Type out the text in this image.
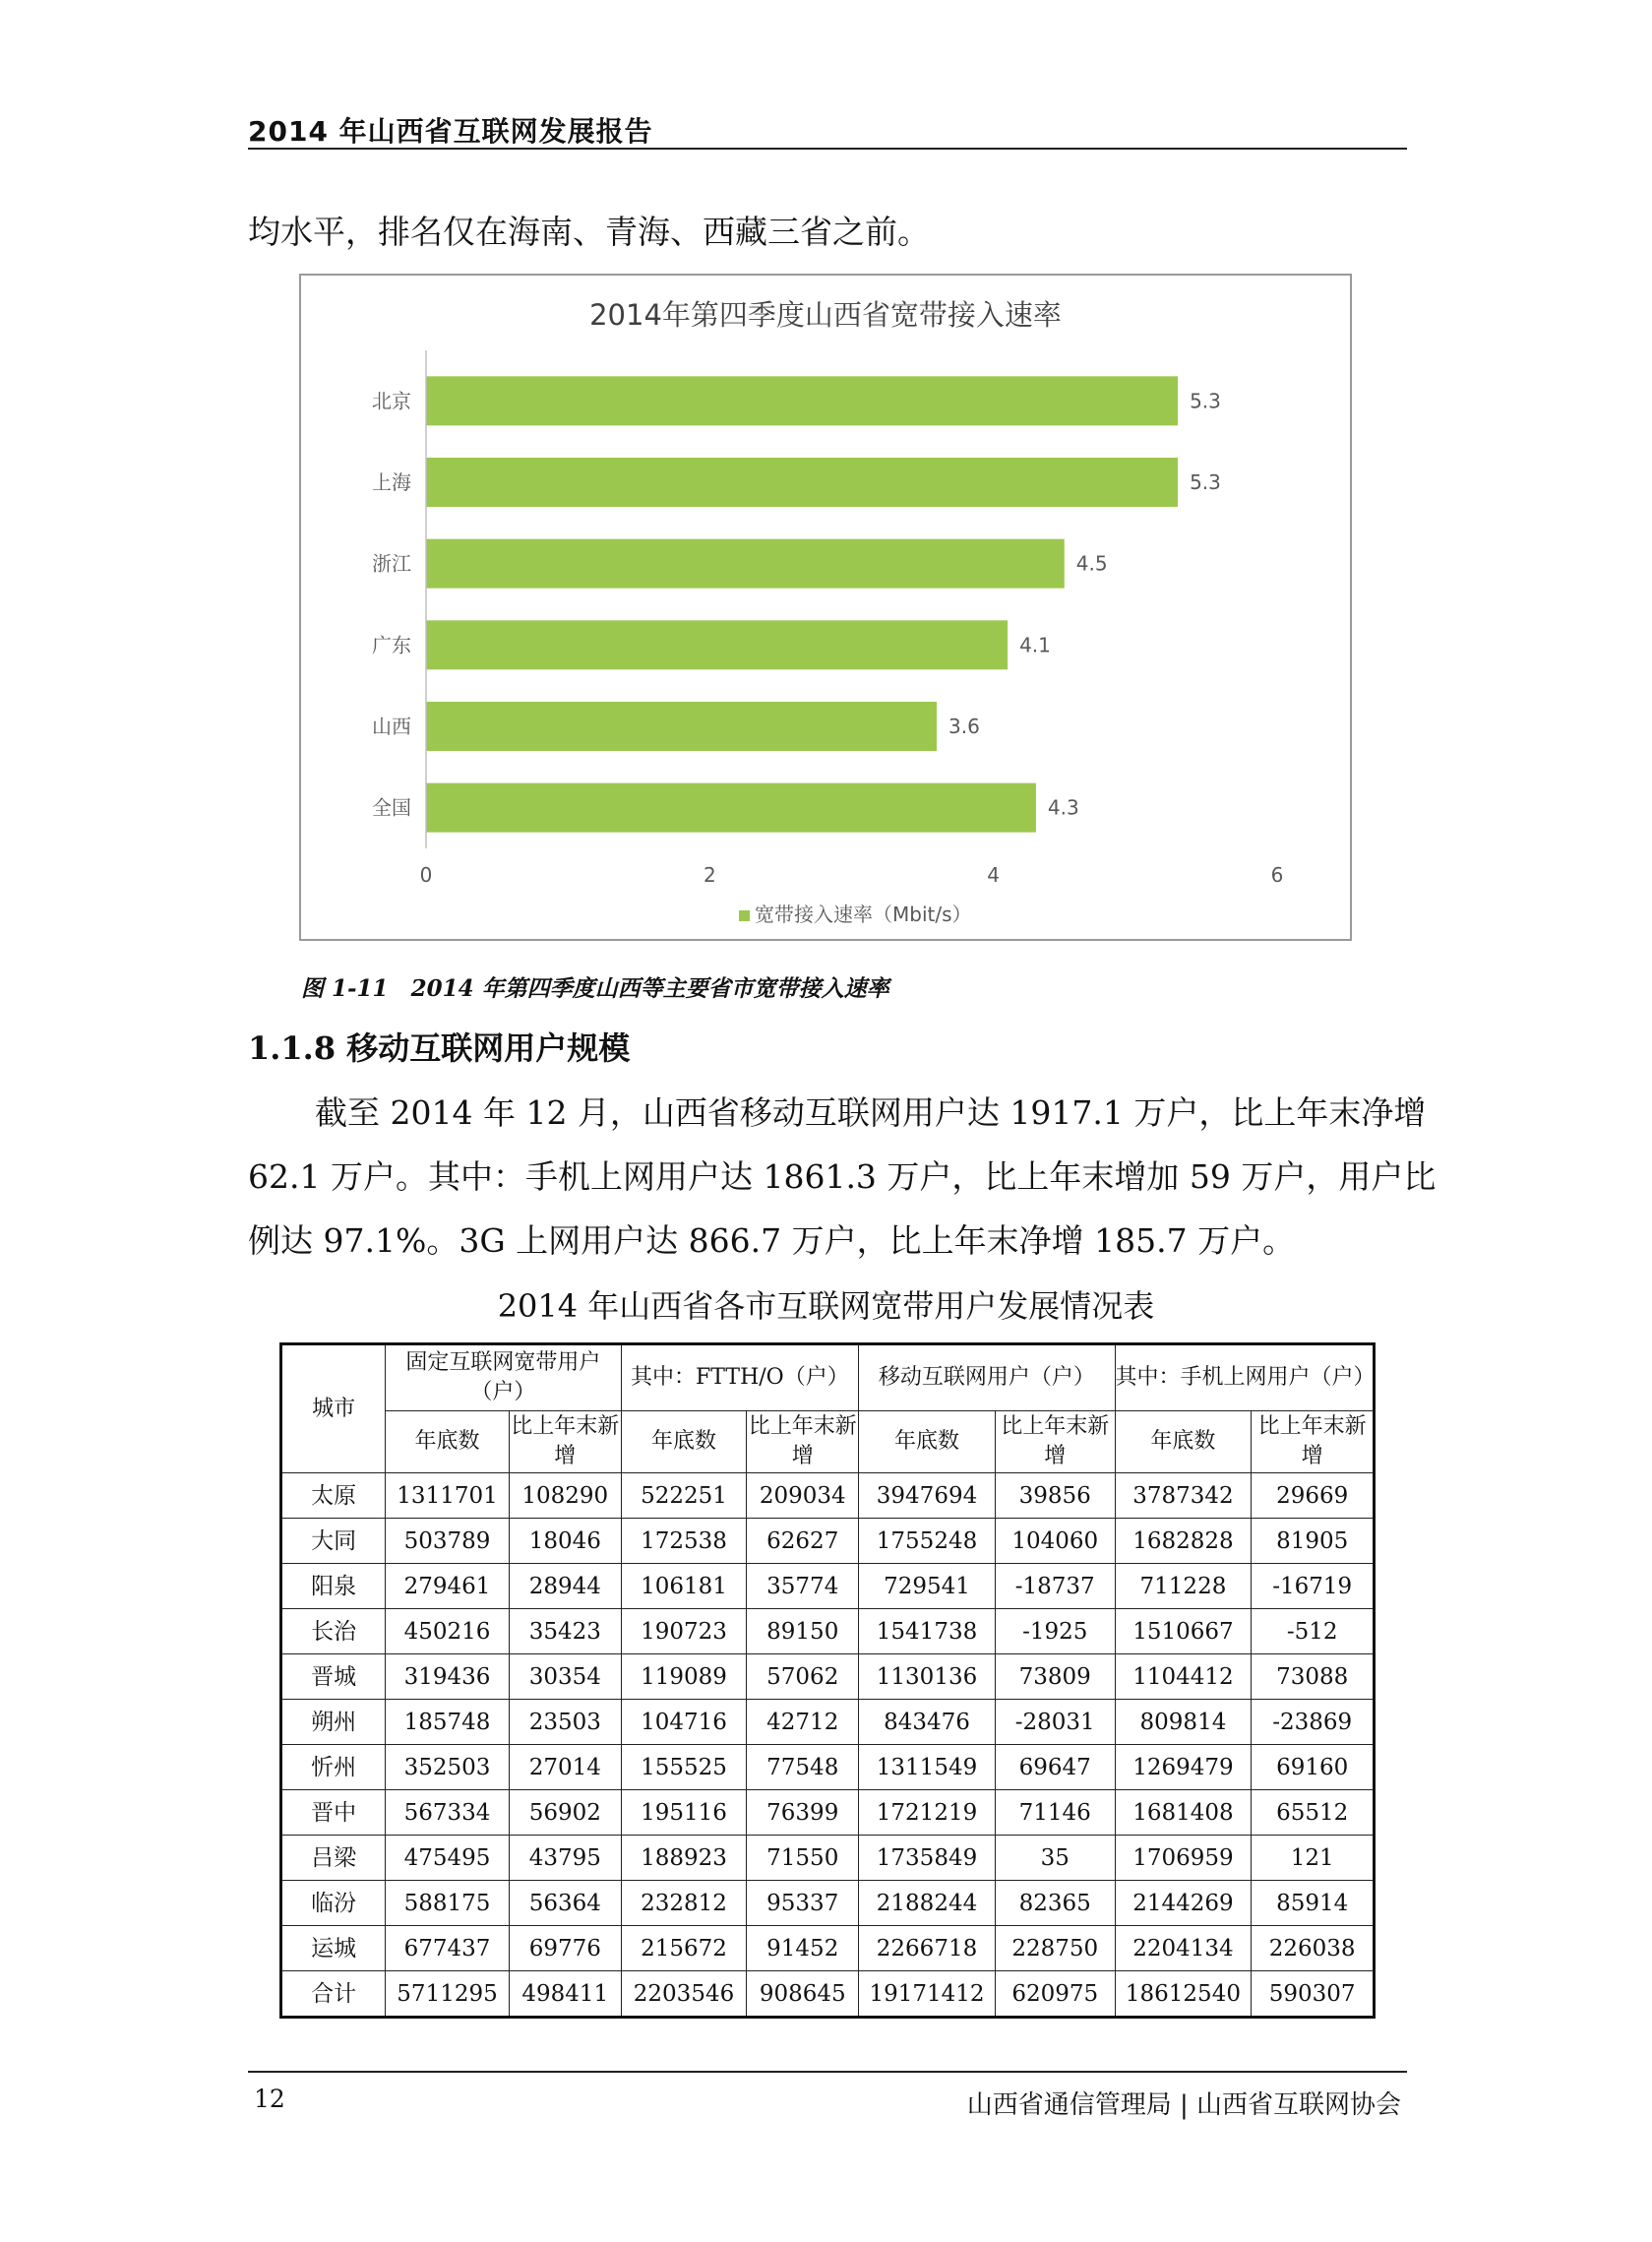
2014 年山西省互联网发展报告
均水平，排名仅在海南、青海、西藏三省之前。
2014年第四季度山西省宽带接入速率
北京	5.3
上海	5.3
浙江	4.5
广东	4.1
山西	3.6
全国	4.3
0	2	4	6
宽带接入速率（Mbit/s）
图 1-11　2014 年第四季度山西等主要省市宽带接入速率
1.1.8 移动互联网用户规模
截至 2014 年 12 月，山西省移动互联网用户达 1917.1 万户，比上年末净增
62.1 万户。其中：手机上网用户达 1861.3 万户，比上年末增加 59 万户，用户比
例达 97.1%。3G 上网用户达 866.7 万户，比上年末净增 185.7 万户。
2014 年山西省各市互联网宽带用户发展情况表
城市	固定互联网宽带用户（户）		其中：FTTH/O（户）		移动互联网用户（户）		其中：手机上网用户（户）	
	年底数	比上年末新增	年底数	比上年末新增	年底数	比上年末新增	年底数	比上年末新增
太原	1311701	108290	522251	209034	3947694	39856	3787342	29669
大同	503789	18046	172538	62627	1755248	104060	1682828	81905
阳泉	279461	28944	106181	35774	729541	-18737	711228	-16719
长治	450216	35423	190723	89150	1541738	-1925	1510667	-512
晋城	319436	30354	119089	57062	1130136	73809	1104412	73088
朔州	185748	23503	104716	42712	843476	-28031	809814	-23869
忻州	352503	27014	155525	77548	1311549	69647	1269479	69160
晋中	567334	56902	195116	76399	1721219	71146	1681408	65512
吕梁	475495	43795	188923	71550	1735849	35	1706959	121
临汾	588175	56364	232812	95337	2188244	82365	2144269	85914
运城	677437	69776	215672	91452	2266718	228750	2204134	226038
合计	5711295	498411	2203546	908645	19171412	620975	18612540	590307
12	山西省通信管理局 | 山西省互联网协会
